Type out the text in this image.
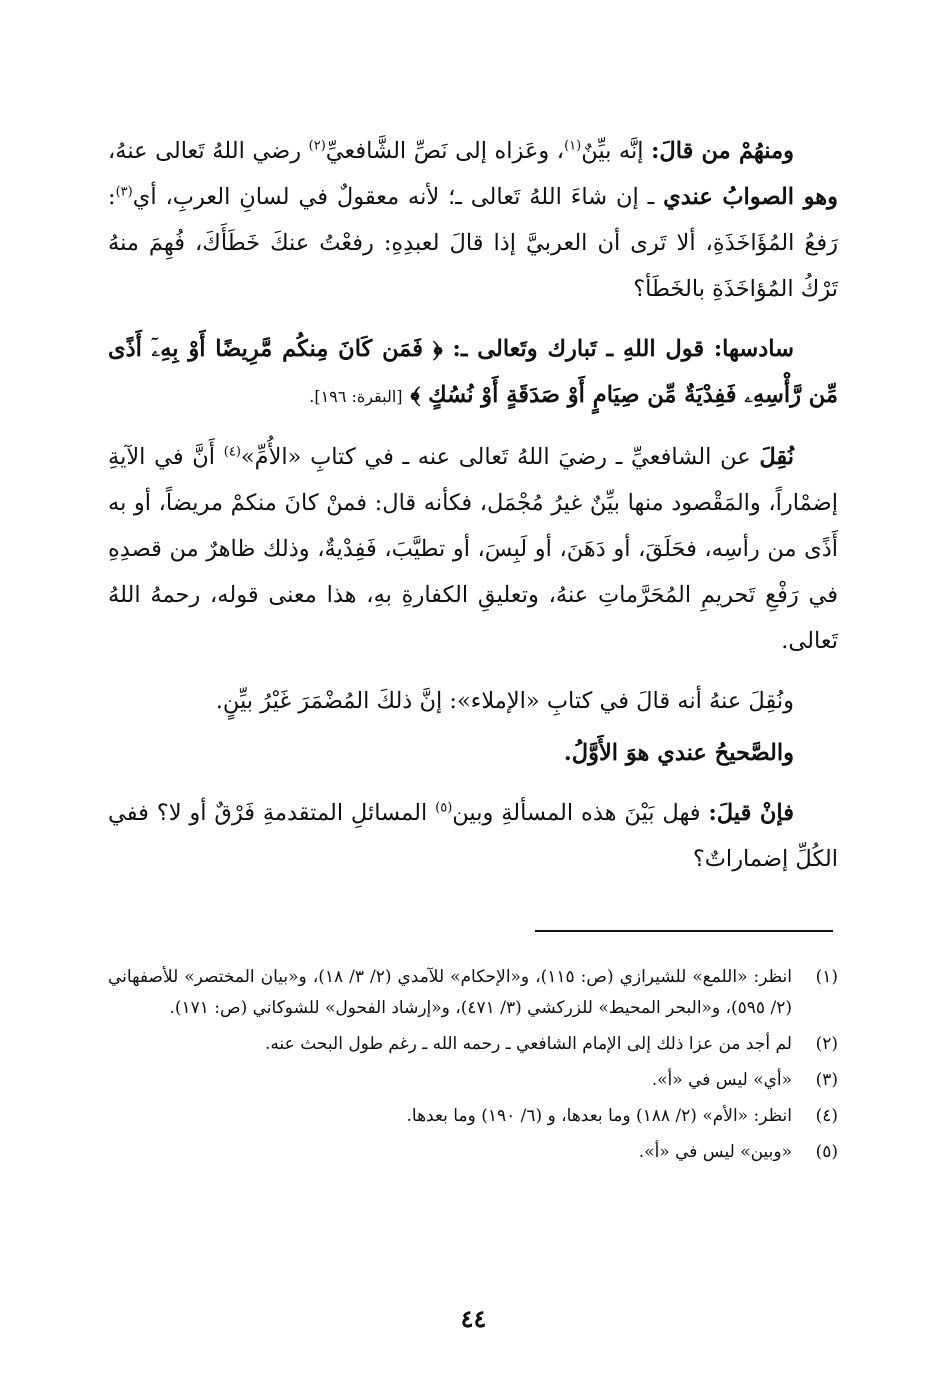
ومنهُمْ من قالَ: إنَّه بيِّنٌ$^{(١)}$، وعَزاه إلى نَصِّ الشَّافعيِّ$^{(٢)}$ رضي اللهُ تَعالى عنهُ، وهو الصوابُ عندي ـ إن شاءَ اللهُ تَعالى ـ؛ لأنه معقولٌ في لسانِ العربِ، أي$^{(٣)}$: رَفعُ المُؤَاخَذَةِ، ألا تَرى أن العربيَّ إذا قالَ لعبدِهِ: رفعْتُ عنكَ خَطَأَكَ، فُهِمَ منهُ تَرْكُ المُؤاخَذَةِ بالخَطَأ؟

سادسها: قول اللهِ ـ تَبارك وتَعالى ـ: ﴿ فَمَن كَانَ مِنكُم مَّرِيضًا أَوْ بِهِۦٓ أَذًى مِّن رَّأْسِهِۦ فَفِدْيَةٌ مِّن صِيَامٍ أَوْ صَدَقَةٍ أَوْ نُسُكٍ ﴾ [البقرة: ١٩٦].

نُقِلَ عن الشافعيِّ ـ رضيَ اللهُ تَعالى عنه ـ في كتابِ «الأُمِّ»$^{(٤)}$ أَنَّ في الآيةِ إضمْاراً، والمَقْصود منها بيِّنٌ غيرُ مُجْمَل، فكأنه قال: فمنْ كانَ منكمْ مريضاً، أو به أَذًى من رأسِه، فحَلَقَ، أو دَهَنَ، أو لَبِسَ، أو تطيَّبَ، فَفِدْيةٌ، وذلك ظاهرٌ من قصدِهِ في رَفْعِ تَحريمِ المُحَرَّماتِ عنهُ، وتعليقِ الكفارةِ بهِ، هذا معنى قوله، رحمهُ اللهُ تَعالى.

ونُقِلَ عنهُ أنه قالَ في كتابِ «الإملاء»: إنَّ ذلكَ المُضْمَرَ غَيْرُ بيِّنٍ.

والصَّحيحُ عندي هوَ الأَوَّلُ.

فإنْ قيلَ: فهل بَيْنَ هذه المسألةِ وبين$^{(٥)}$ المسائلِ المتقدمةِ فَرْقٌ أو لا؟ ففي الكُلِّ إضماراتٌ؟

(١)
انظر: «اللمع» للشيرازي (ص: ١١٥)، و«الإحكام» للآمدي (٢/ ٣/ ١٨)، و«بيان المختصر» للأصفهاني (٢/ ٥٩٥)، و«البحر المحيط» للزركشي (٣/ ٤٧١)، و«إرشاد الفحول» للشوكاني (ص: ١٧١).
(٢)
لم أجد من عزا ذلك إلى الإمام الشافعي ـ رحمه الله ـ رغم طول البحث عنه.
(٣)
«أي» ليس في «أ».
(٤)
انظر: «الأم» (٢/ ١٨٨) وما بعدها، و (٦/ ١٩٠) وما بعدها.
(٥)
«وبين» ليس في «أ».
٤٤
